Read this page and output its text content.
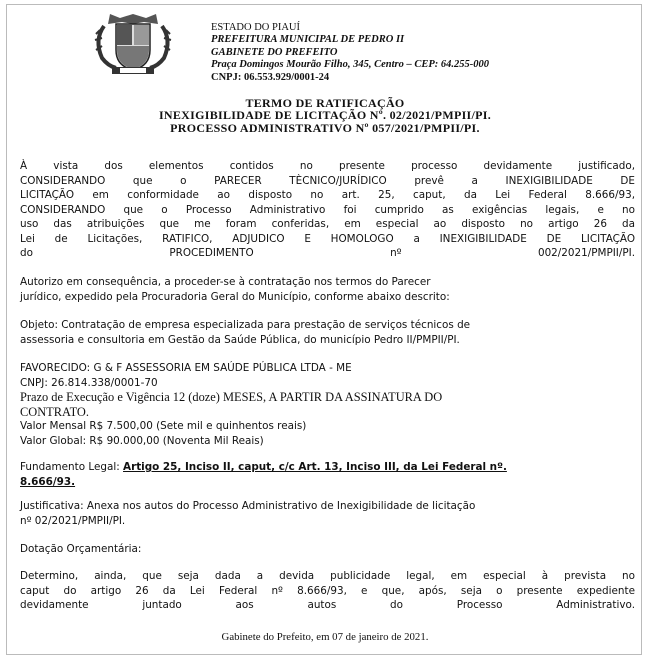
ESTADO DO PIAUÍ
PREFEITURA MUNICIPAL DE PEDRO II
GABINETE DO PREFEITO
Praça Domingos Mourão Filho, 345, Centro – CEP: 64.255-000
CNPJ: 06.553.929/0001-24
TERMO DE RATIFICAÇÃO
INEXIGIBILIDADE DE LICITAÇÃO Nº. 02/2021/PMPII/PI.
PROCESSO ADMINISTRATIVO Nº 057/2021/PMPII/PI.
À vista dos elementos contidos no presente processo devidamente justificado,
CONSIDERANDO que o PARECER TÈCNICO/JURÍDICO prevê a INEXIGIBILIDADE DE
LICITAÇÃO em conformidade ao disposto no art. 25, caput, da Lei Federal 8.666/93,
CONSIDERANDO que o Processo Administrativo foi cumprido as exigências legais, e no
uso das atribuições que me foram conferidas, em especial ao disposto no artigo 26 da
Lei de Licitações, RATIFICO, ADJUDICO E HOMOLOGO a INEXIGIBILIDADE DE LICITAÇÃO
do PROCEDIMENTO nº 002/2021/PMPII/PI.
Autorizo em consequência, a proceder-se à contratação nos termos do Parecer
jurídico, expedido pela Procuradoria Geral do Município, conforme abaixo descrito:
Objeto: Contratação de empresa especializada para prestação de serviços técnicos de
assessoria e consultoria em Gestão da Saúde Pública, do município Pedro II/PMPII/PI.
FAVORECIDO: G & F ASSESSORIA EM SAÚDE PÚBLICA LTDA - ME
CNPJ: 26.814.338/0001-70
Prazo de Execução e Vigência 12 (doze) MESES, A PARTIR DA ASSINATURA DO
CONTRATO.
Valor Mensal R$ 7.500,00 (Sete mil e quinhentos reais)
Valor Global: R$ 90.000,00 (Noventa Mil Reais)
Fundamento Legal: Artigo 25, Inciso II, caput, c/c Art. 13, Inciso III, da Lei Federal nº.
8.666/93.
Justificativa: Anexa nos autos do Processo Administrativo de Inexigibilidade de licitação
nº 02/2021/PMPII/PI.
Dotação Orçamentária:
Determino, ainda, que seja dada a devida publicidade legal, em especial à prevista no
caput do artigo 26 da Lei Federal nº 8.666/93, e que, após, seja o presente expediente
devidamente juntado aos autos do Processo Administrativo.
Gabinete do Prefeito, em 07 de janeiro de 2021.
